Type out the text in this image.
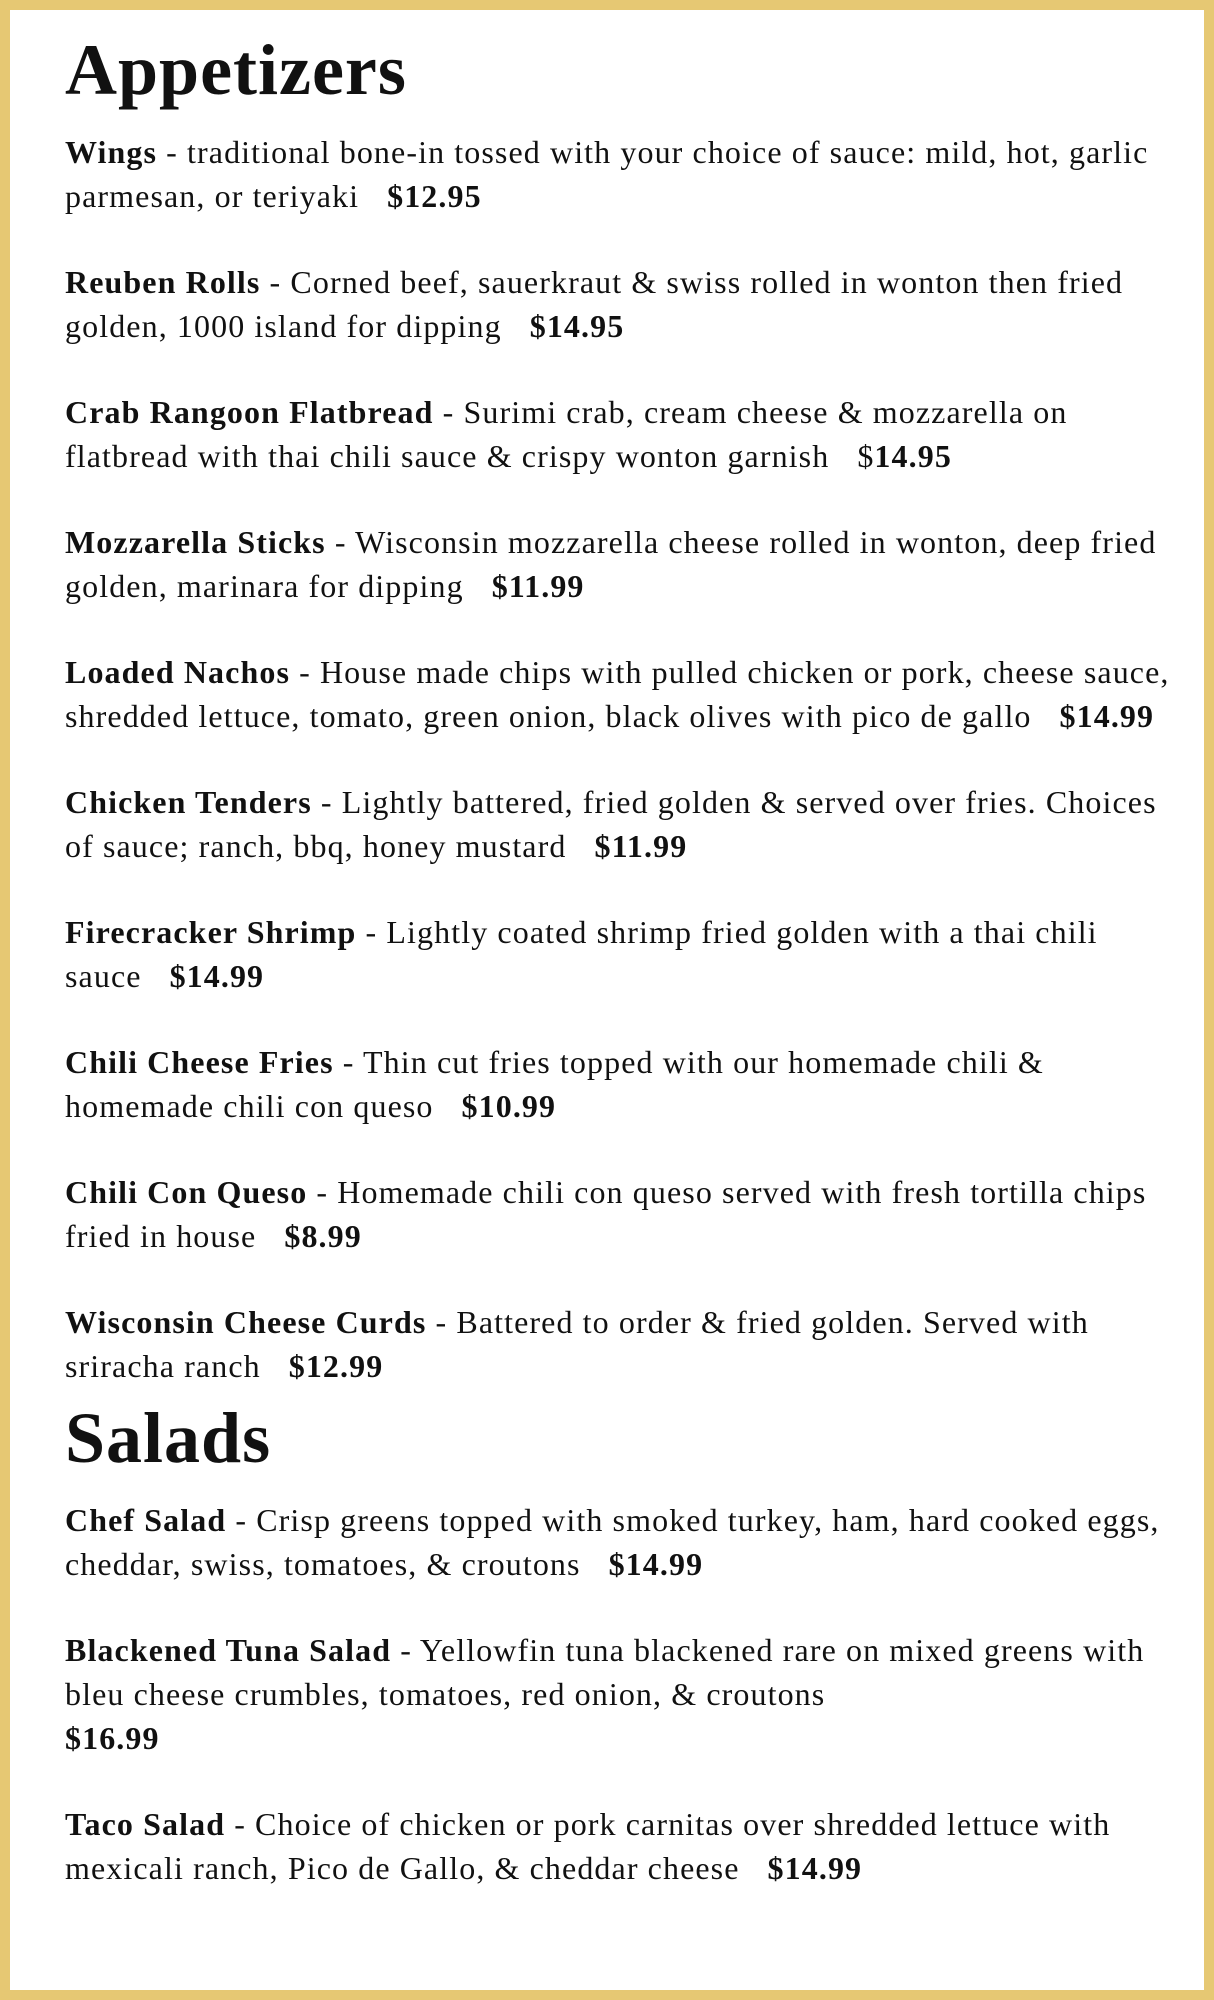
Appetizers

Wings - traditional bone-in tossed with your choice of sauce: mild, hot, garlic parmesan, or teriyaki $12.95

Reuben Rolls - Corned beef, sauerkraut & swiss rolled in wonton then fried golden, 1000 island for dipping $14.95

Crab Rangoon Flatbread - Surimi crab, cream cheese & mozzarella on flatbread with thai chili sauce & crispy wonton garnish $14.95

Mozzarella Sticks - Wisconsin mozzarella cheese rolled in wonton, deep fried golden, marinara for dipping $11.99

Loaded Nachos - House made chips with pulled chicken or pork, cheese sauce, shredded lettuce, tomato, green onion, black olives with pico de gallo $14.99

Chicken Tenders - Lightly battered, fried golden & served over fries. Choices of sauce; ranch, bbq, honey mustard $11.99

Firecracker Shrimp - Lightly coated shrimp fried golden with a thai chili sauce $14.99

Chili Cheese Fries - Thin cut fries topped with our homemade chili & homemade chili con queso $10.99

Chili Con Queso - Homemade chili con queso served with fresh tortilla chips fried in house $8.99

Wisconsin Cheese Curds - Battered to order & fried golden. Served with sriracha ranch $12.99

Salads

Chef Salad - Crisp greens topped with smoked turkey, ham, hard cooked eggs, cheddar, swiss, tomatoes, & croutons $14.99

Blackened Tuna Salad - Yellowfin tuna blackened rare on mixed greens with bleu cheese crumbles, tomatoes, red onion, & croutons
$16.99

Taco Salad - Choice of chicken or pork carnitas over shredded lettuce with mexicali ranch, Pico de Gallo, & cheddar cheese $14.99
